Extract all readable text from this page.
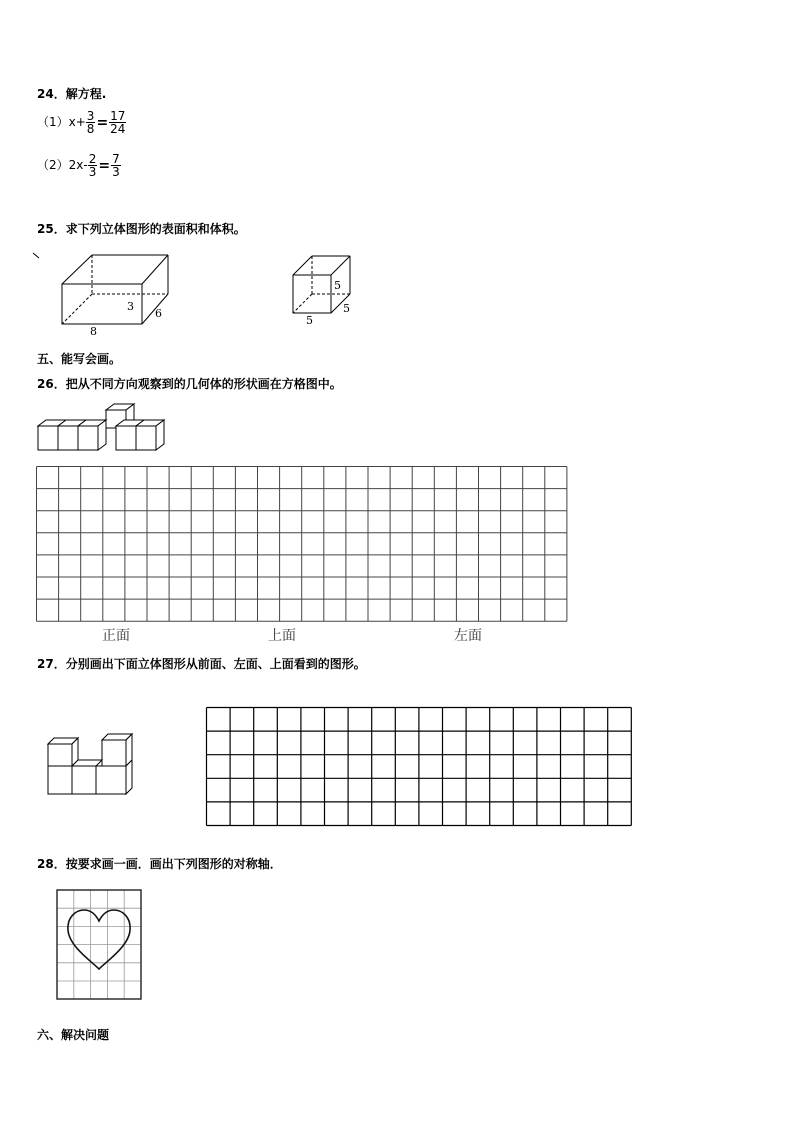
24．解方程.
$(1)x+ \frac{3}{8} = \frac{17}{24}$
$(2)2x- \frac{2}{3} = \frac{7}{3}$
25．求下列立体图形的表面积和体积。
3
6
8
5
5
5
五、能写会画。
26．把从不同方向观察到的几何体的形状画在方格图中。
正面	上面	左面
27．分别画出下面立体图形从前面、左面、上面看到的图形。
28．按要求画一画．画出下列图形的对称轴．
六、解决问题
